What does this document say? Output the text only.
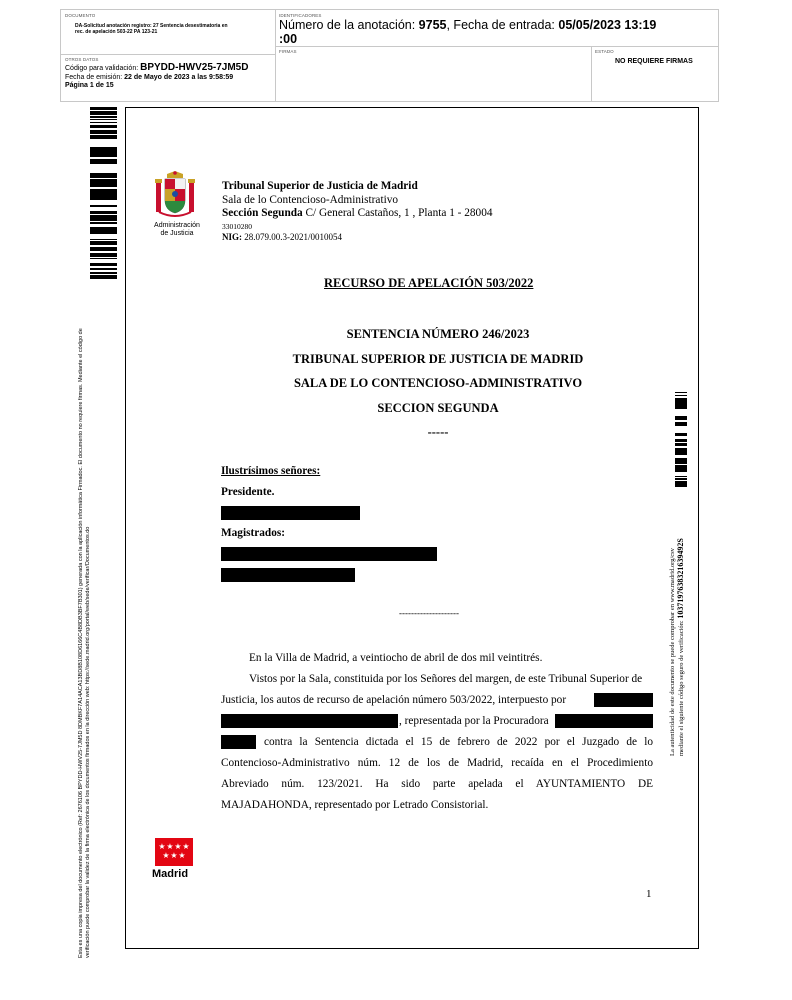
DOCUMENTO
DA-Solicitud anotación registro: 27 Sentencia desestimatoria en
rec. de apelación 503-22 PA 123-21
IDENTIFICADORES
Número de la anotación: 9755, Fecha de entrada: 05/05/2023 13:19
:00
OTROS DATOS
Código para validación: BPYDD-HWV25-7JM5D
Fecha de emisión: 22 de Mayo de 2023 a las 9:58:59
Página 1 de 15
FIRMAS	ESTADO
NO REQUIERE FIRMAS
Esta es una copia impresa del documento electrónico (Ref: 2676106 BPYDD-HWV25-7JM5D 8DMBKF7A14ACA13BD8B108D6166C4B8DB3BF7B301) generada con la aplicación informática Firmadoc. El documento no requiere firmas. Mediante el código de verificación puede comprobar la validez de la firma electrónica de los documentos firmados en la dirección web: https://sede.madrid.org/portal/web/sede/verificar/Documentos.do	La autenticidad de este documento se puede comprobar en www.madrid.org/csv mediante el siguiente código seguro de verificación: 1037197638321639492S
Administración
de Justicia
Tribunal Superior de Justicia de Madrid
Sala de lo Contencioso-Administrativo
Sección Segunda C/ General Castaños, 1 , Planta 1 - 28004
33010280
NIG: 28.079.00.3-2021/0010054
RECURSO DE APELACIÓN 503/2022
SENTENCIA NÚMERO 246/2023
TRIBUNAL SUPERIOR DE JUSTICIA DE MADRID
SALA DE LO CONTENCIOSO-ADMINISTRATIVO
SECCION SEGUNDA
-----
Ilustrísimos señores:
Presidente.
Magistrados:
--------------------
En la Villa de Madrid, a veintiocho de abril de dos mil veintitrés.
Vistos por la Sala, constituida por los Señores del margen, de este Tribunal Superior de
Justicia, los autos de recurso de apelación número 503/2022, interpuesto por
, representada por la Procuradora
contra la Sentencia dictada el 15 de febrero de 2022 por el Juzgado de lo
Contencioso-Administrativo núm. 12 de los de Madrid, recaída en el Procedimiento
Abreviado núm. 123/2021. Ha sido parte apelada el AYUNTAMIENTO DE
MAJADAHONDA, representado por Letrado Consistorial.
★ ★ ★ ★
★ ★ ★
Madrid
1
